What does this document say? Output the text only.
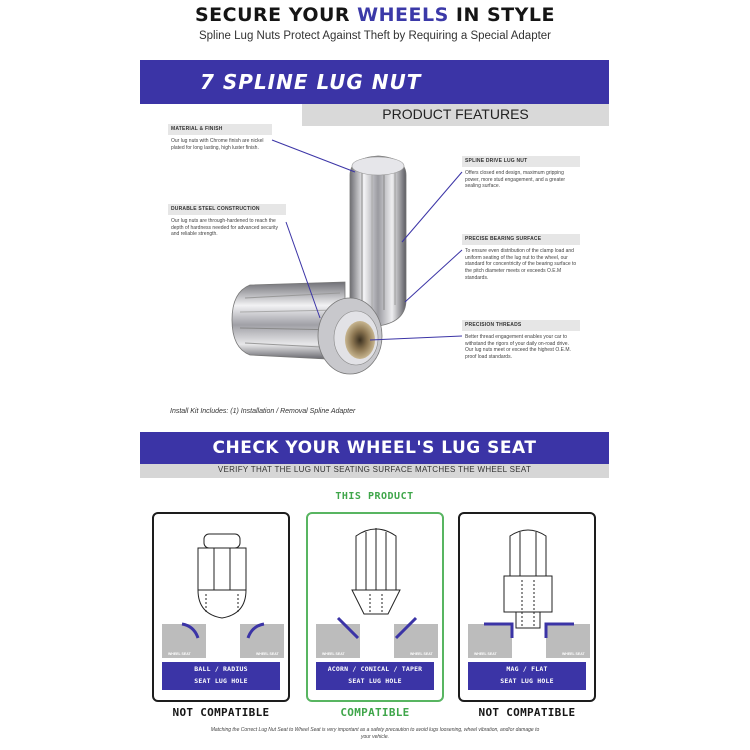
SECURE YOUR WHEELS IN STYLE
Spline Lug Nuts Protect Against Theft by Requiring a Special Adapter
7 SPLINE LUG NUT
PRODUCT FEATURES
MATERIAL & FINISH
Our lug nuts with Chrome finish are nickel plated for long lasting, high luster finish.
DURABLE STEEL CONSTRUCTION
Our lug nuts are through-hardened to reach the depth of hardness needed for advanced security and reliable strength.
SPLINE DRIVE LUG NUT
Offers closed end design, maximum gripping power, more stud engagement, and a greater sealing surface.
PRECISE BEARING SURFACE
To ensure even distribution of the clamp load and uniform seating of the lug nut to the wheel, our standard for concentricity of the bearing surface to the pitch diameter meets or exceeds O.E.M standards.
PRECISION THREADS
Better thread engagement enables your car to withstand the rigors of your daily on-road drive. Our lug nuts meet or exceed the highest O.E.M. proof load standards.
Install Kit Includes: (1) Installation / Removal Spline Adapter
CHECK YOUR WHEEL'S LUG SEAT
VERIFY THAT THE LUG NUT SEATING SURFACE MATCHES THE WHEEL SEAT
THIS PRODUCT
WHEEL SEAT	WHEEL SEAT
BALL / RADIUS
SEAT LUG HOLE
WHEEL SEAT	WHEEL SEAT
ACORN / CONICAL / TAPER
SEAT LUG HOLE
WHEEL SEAT	WHEEL SEAT
MAG / FLAT
SEAT LUG HOLE
NOT COMPATIBLE	COMPATIBLE	NOT COMPATIBLE
Matching the Correct Lug Nut Seat to Wheel Seat is very important as a safety precaution to avoid lugs loosening, wheel vibration, and/or damage to your vehicle.
